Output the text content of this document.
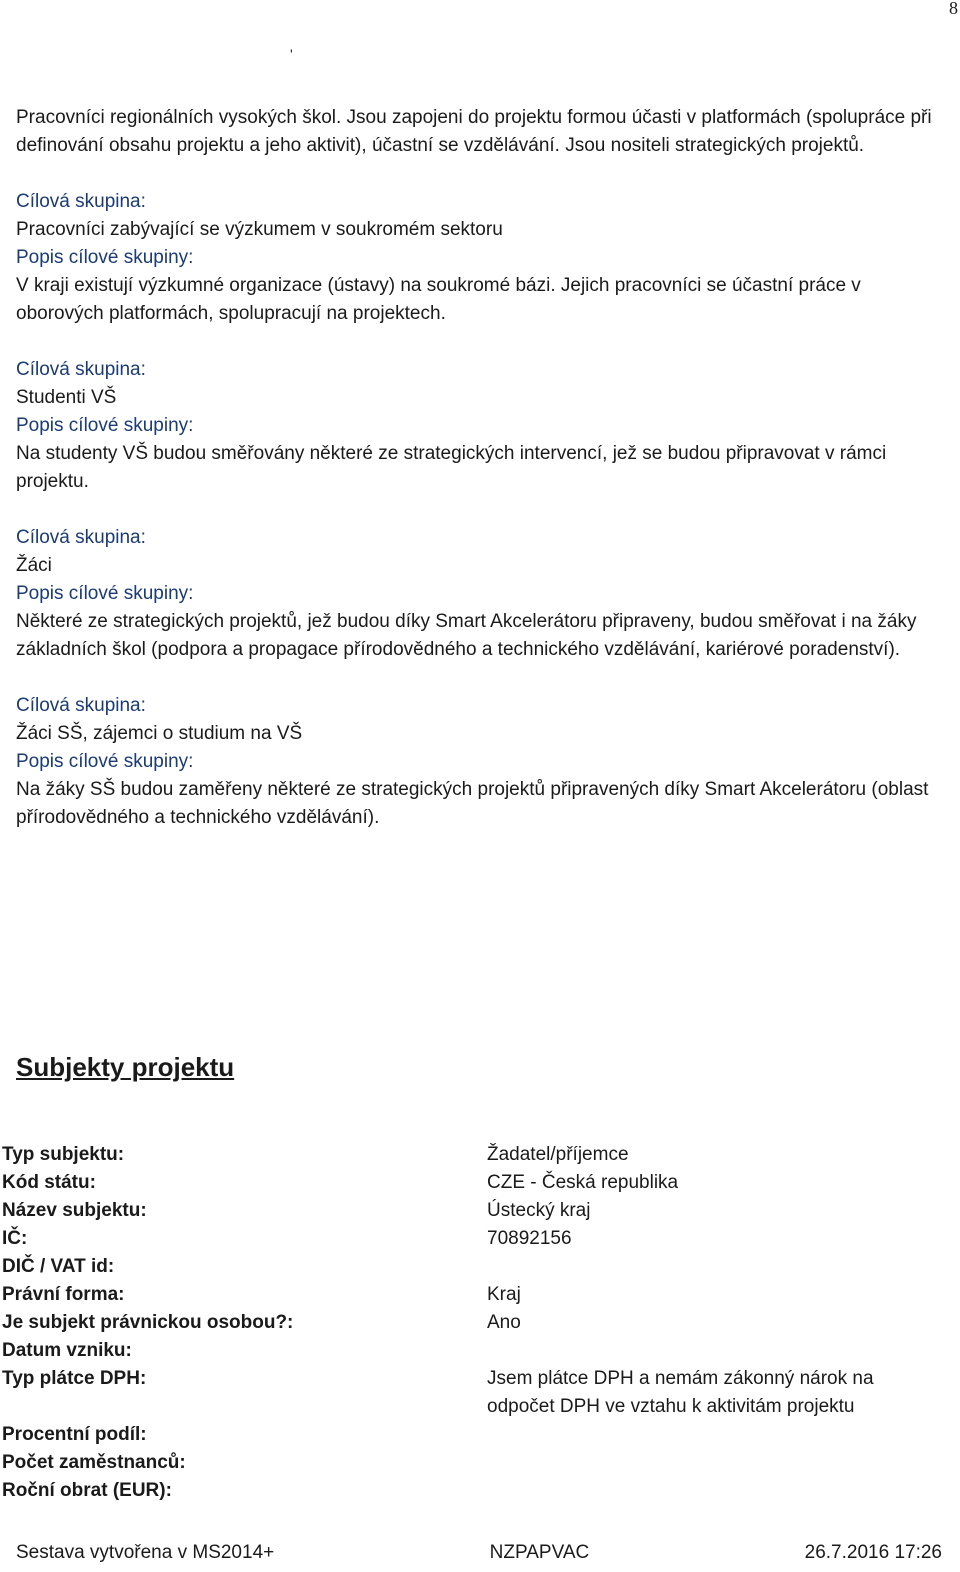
8
'

Pracovníci regionálních vysokých škol. Jsou zapojeni do projektu formou účasti v platformách (spolupráce při definování obsahu projektu a jeho aktivit), účastní se vzdělávání. Jsou nositeli strategických projektů.

Cílová skupina:
Pracovníci zabývající se výzkumem v soukromém sektoru
Popis cílové skupiny:

V kraji existují výzkumné organizace (ústavy) na soukromé bázi. Jejich pracovníci se účastní práce v oborových platformách, spolupracují na projektech.

Cílová skupina:
Studenti VŠ
Popis cílové skupiny:

Na studenty VŠ budou směřovány některé ze strategických intervencí, jež se budou připravovat v rámci projektu.

Cílová skupina:
Žáci
Popis cílové skupiny:

Některé ze strategických projektů, jež budou díky Smart Akcelerátoru připraveny, budou směřovat i na žáky základních škol (podpora a propagace přírodovědného a technického vzdělávání, kariérové poradenství).

Cílová skupina:
Žáci SŠ, zájemci o studium na VŠ
Popis cílové skupiny:

Na žáky SŠ budou zaměřeny některé ze strategických projektů připravených díky Smart Akcelerátoru (oblast přírodovědného a technického vzdělávání).

Subjekty projektu
Typ subjektu:	Žadatel/příjemce
Kód státu:	CZE - Česká republika
Název subjektu:	Ústecký kraj
IČ:	70892156
DIČ / VAT id:
Právní forma:	Kraj
Je subjekt právnickou osobou?:	Ano
Datum vzniku:
Typ plátce DPH:	Jsem plátce DPH a nemám zákonný nárok na odpočet DPH ve vztahu k aktivitám projektu
Procentní podíl:
Počet zaměstnanců:
Roční obrat (EUR):
Sestava vytvořena v MS2014+	NZPAPVAC	26.7.2016 17:26
